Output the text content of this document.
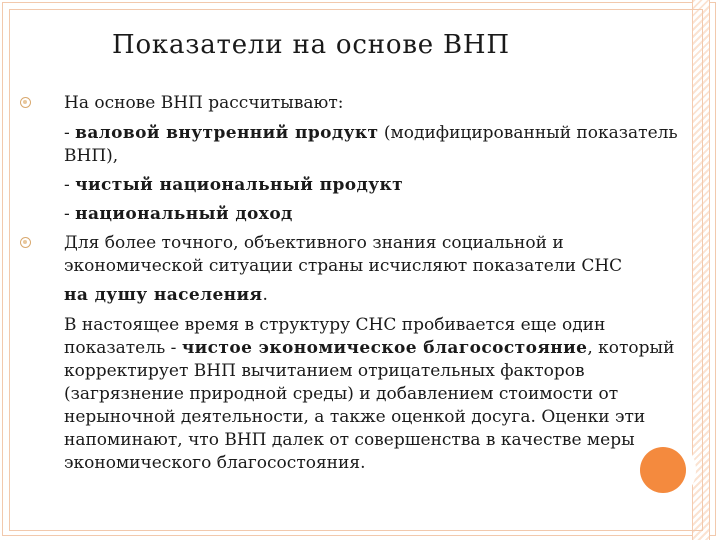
Показатели на основе ВНП

На основе ВНП рассчитывают:

- валовой внутренний продукт (модифицированный показатель ВНП),

- чистый национальный продукт

- национальный доход

Для более точного, объективного знания социальной и экономической ситуации страны исчисляют показатели СНС

на душу населения.

В настоящее время в структуру СНС пробивается еще один показатель - чистое экономическое благосостояние, который корректирует ВНП вычитанием отрицательных факторов (загрязнение природной среды) и добавлением стоимости от нерыночной деятельности, а также оценкой досуга. Оценки эти напоминают, что ВНП далек от совершенства в качестве меры экономического благосостояния.
